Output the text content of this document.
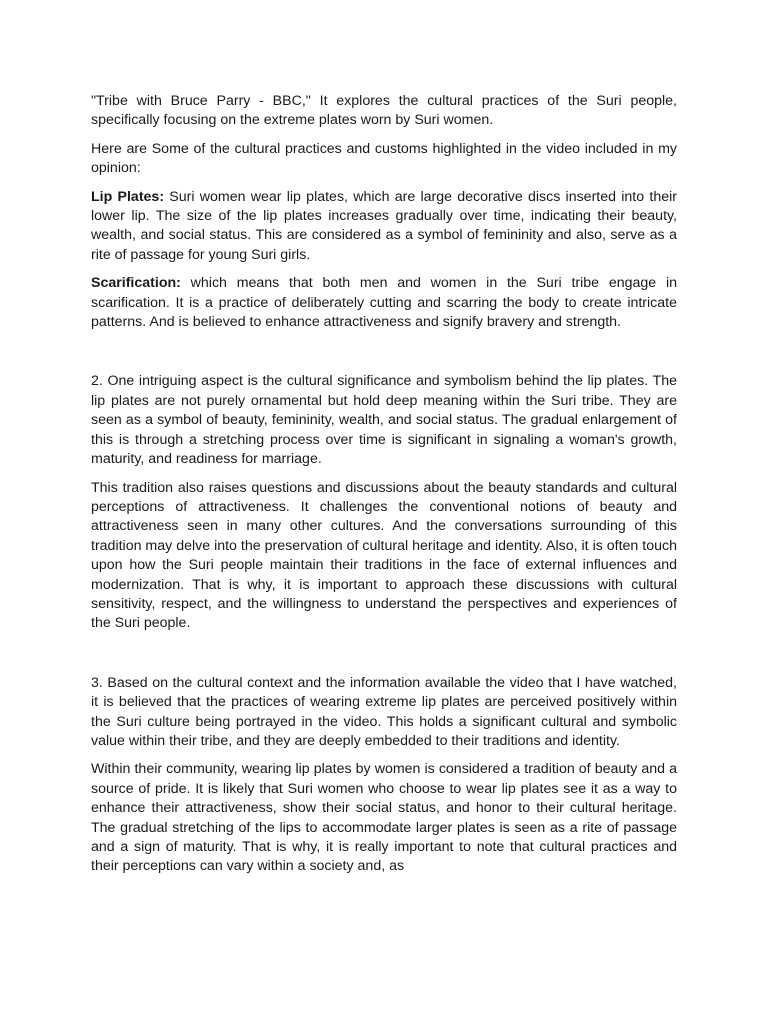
"Tribe with Bruce Parry - BBC," It explores the cultural practices of the Suri people, specifically focusing on the extreme plates worn by Suri women.

Here are Some of the cultural practices and customs highlighted in the video included in my opinion:

Lip Plates: Suri women wear lip plates, which are large decorative discs inserted into their lower lip. The size of the lip plates increases gradually over time, indicating their beauty, wealth, and social status. This are considered as a symbol of femininity and also, serve as a rite of passage for young Suri girls.

Scarification: which means that both men and women in the Suri tribe engage in scarification. It is a practice of deliberately cutting and scarring the body to create intricate patterns. And is believed to enhance attractiveness and signify bravery and strength.

2. One intriguing aspect is the cultural significance and symbolism behind the lip plates. The lip plates are not purely ornamental but hold deep meaning within the Suri tribe. They are seen as a symbol of beauty, femininity, wealth, and social status. The gradual enlargement of this is through a stretching process over time is significant in signaling a woman's growth, maturity, and readiness for marriage.

This tradition also raises questions and discussions about the beauty standards and cultural perceptions of attractiveness. It challenges the conventional notions of beauty and attractiveness seen in many other cultures. And the conversations surrounding of this tradition may delve into the preservation of cultural heritage and identity. Also, it is often touch upon how the Suri people maintain their traditions in the face of external influences and modernization. That is why, it is important to approach these discussions with cultural sensitivity, respect, and the willingness to understand the perspectives and experiences of the Suri people.

3. Based on the cultural context and the information available the video that I have watched, it is believed that the practices of wearing extreme lip plates are perceived positively within the Suri culture being portrayed in the video. This holds a significant cultural and symbolic value within their tribe, and they are deeply embedded to their traditions and identity.

Within their community, wearing lip plates by women is considered a tradition of beauty and a source of pride. It is likely that Suri women who choose to wear lip plates see it as a way to enhance their attractiveness, show their social status, and honor to their cultural heritage. The gradual stretching of the lips to accommodate larger plates is seen as a rite of passage and a sign of maturity. That is why, it is really important to note that cultural practices and their perceptions can vary within a society and, as
